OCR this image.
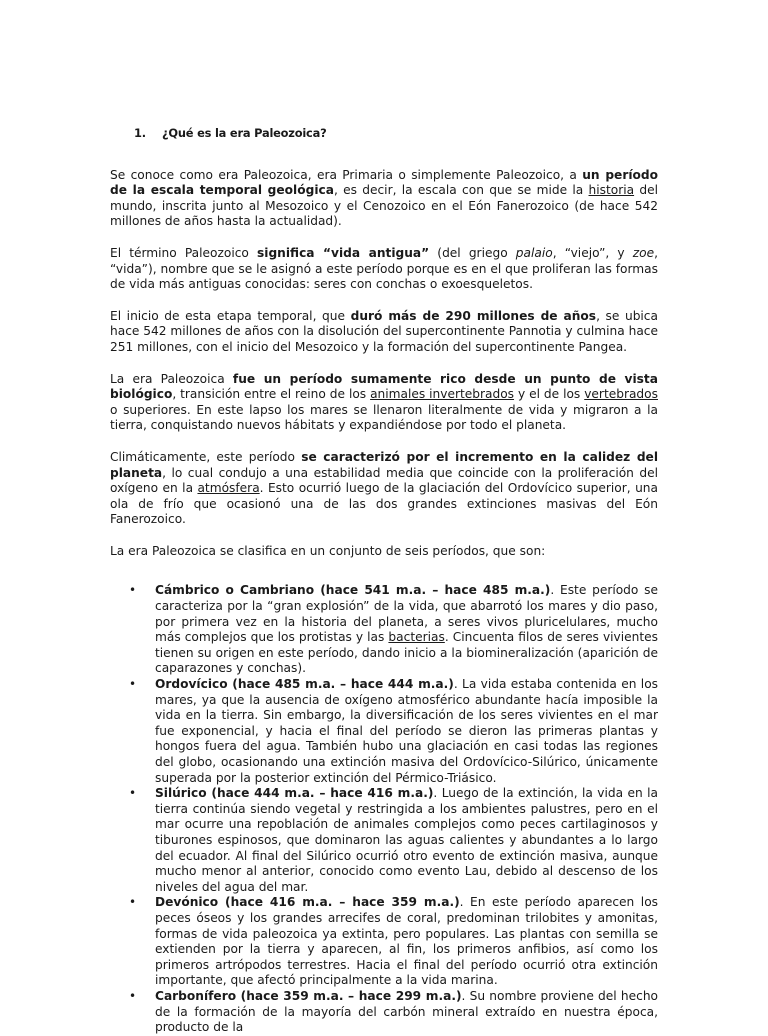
1. ¿Qué es la era Paleozoica?

Se conoce como era Paleozoica, era Primaria o simplemente Paleozoico, a un período de la escala temporal geológica, es decir, la escala con que se mide la historia del mundo, inscrita junto al Mesozoico y el Cenozoico en el Eón Fanerozoico (de hace 542 millones de años hasta la actualidad).

El término Paleozoico significa “vida antigua” (del griego palaio, “viejo”, y zoe, “vida”), nombre que se le asignó a este período porque es en el que proliferan las formas de vida más antiguas conocidas: seres con conchas o exoesqueletos.

El inicio de esta etapa temporal, que duró más de 290 millones de años, se ubica hace 542 millones de años con la disolución del supercontinente Pannotia y culmina hace 251 millones, con el inicio del Mesozoico y la formación del supercontinente Pangea.

La era Paleozoica fue un período sumamente rico desde un punto de vista biológico, transición entre el reino de los animales invertebrados y el de los vertebrados o superiores. En este lapso los mares se llenaron literalmente de vida y migraron a la tierra, conquistando nuevos hábitats y expandiéndose por todo el planeta.

Climáticamente, este período se caracterizó por el incremento en la calidez del planeta, lo cual condujo a una estabilidad media que coincide con la proliferación del oxígeno en la atmósfera. Esto ocurrió luego de la glaciación del Ordovícico superior, una ola de frío que ocasionó una de las dos grandes extinciones masivas del Eón Fanerozoico.

La era Paleozoica se clasifica en un conjunto de seis períodos, que son:

• Cámbrico o Cambriano (hace 541 m.a. – hace 485 m.a.). Este período se caracteriza por la “gran explosión” de la vida, que abarrotó los mares y dio paso, por primera vez en la historia del planeta, a seres vivos pluricelulares, mucho más complejos que los protistas y las bacterias. Cincuenta filos de seres vivientes tienen su origen en este período, dando inicio a la biomineralización (aparición de caparazones y conchas).
• Ordovícico (hace 485 m.a. – hace 444 m.a.). La vida estaba contenida en los mares, ya que la ausencia de oxígeno atmosférico abundante hacía imposible la vida en la tierra. Sin embargo, la diversificación de los seres vivientes en el mar fue exponencial, y hacia el final del período se dieron las primeras plantas y hongos fuera del agua. También hubo una glaciación en casi todas las regiones del globo, ocasionando una extinción masiva del Ordovícico-Silúrico, únicamente superada por la posterior extinción del Pérmico-Triásico.
• Silúrico (hace 444 m.a. – hace 416 m.a.). Luego de la extinción, la vida en la tierra continúa siendo vegetal y restringida a los ambientes palustres, pero en el mar ocurre una repoblación de animales complejos como peces cartilaginosos y tiburones espinosos, que dominaron las aguas calientes y abundantes a lo largo del ecuador. Al final del Silúrico ocurrió otro evento de extinción masiva, aunque mucho menor al anterior, conocido como evento Lau, debido al descenso de los niveles del agua del mar.
• Devónico (hace 416 m.a. – hace 359 m.a.). En este período aparecen los peces óseos y los grandes arrecifes de coral, predominan trilobites y amonitas, formas de vida paleozoica ya extinta, pero populares. Las plantas con semilla se extienden por la tierra y aparecen, al fin, los primeros anfibios, así como los primeros artrópodos terrestres. Hacia el final del período ocurrió otra extinción importante, que afectó principalmente a la vida marina.
• Carbonífero (hace 359 m.a. – hace 299 m.a.). Su nombre proviene del hecho de la formación de la mayoría del carbón mineral extraído en nuestra época, producto de la
